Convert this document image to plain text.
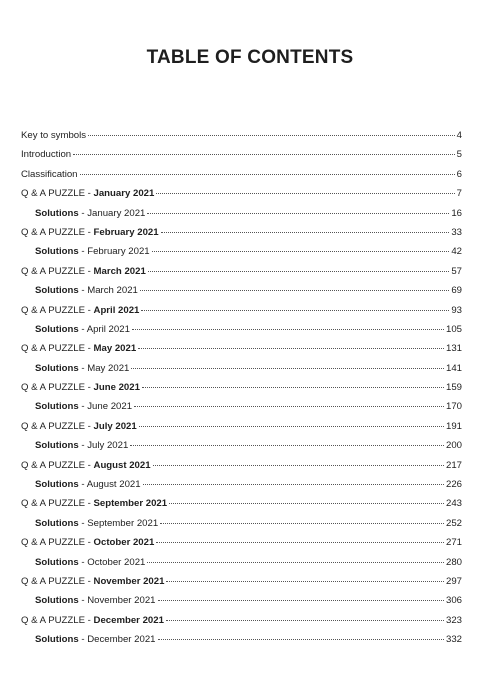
TABLE OF CONTENTS
Key to symbols	4
Introduction	5
Classification	6
Q & A PUZZLE - January 2021	7
Solutions - January 2021	16
Q & A PUZZLE - February 2021	33
Solutions - February 2021	42
Q & A PUZZLE - March 2021	57
Solutions - March 2021	69
Q & A PUZZLE - April 2021	93
Solutions - April 2021	105
Q & A PUZZLE - May 2021	131
Solutions - May 2021	141
Q & A PUZZLE - June 2021	159
Solutions - June 2021	170
Q & A PUZZLE - July 2021	191
Solutions - July 2021	200
Q & A PUZZLE - August 2021	217
Solutions - August 2021	226
Q & A PUZZLE - September 2021	243
Solutions - September 2021	252
Q & A PUZZLE - October 2021	271
Solutions - October 2021	280
Q & A PUZZLE - November 2021	297
Solutions - November 2021	306
Q & A PUZZLE - December 2021	323
Solutions - December 2021	332
